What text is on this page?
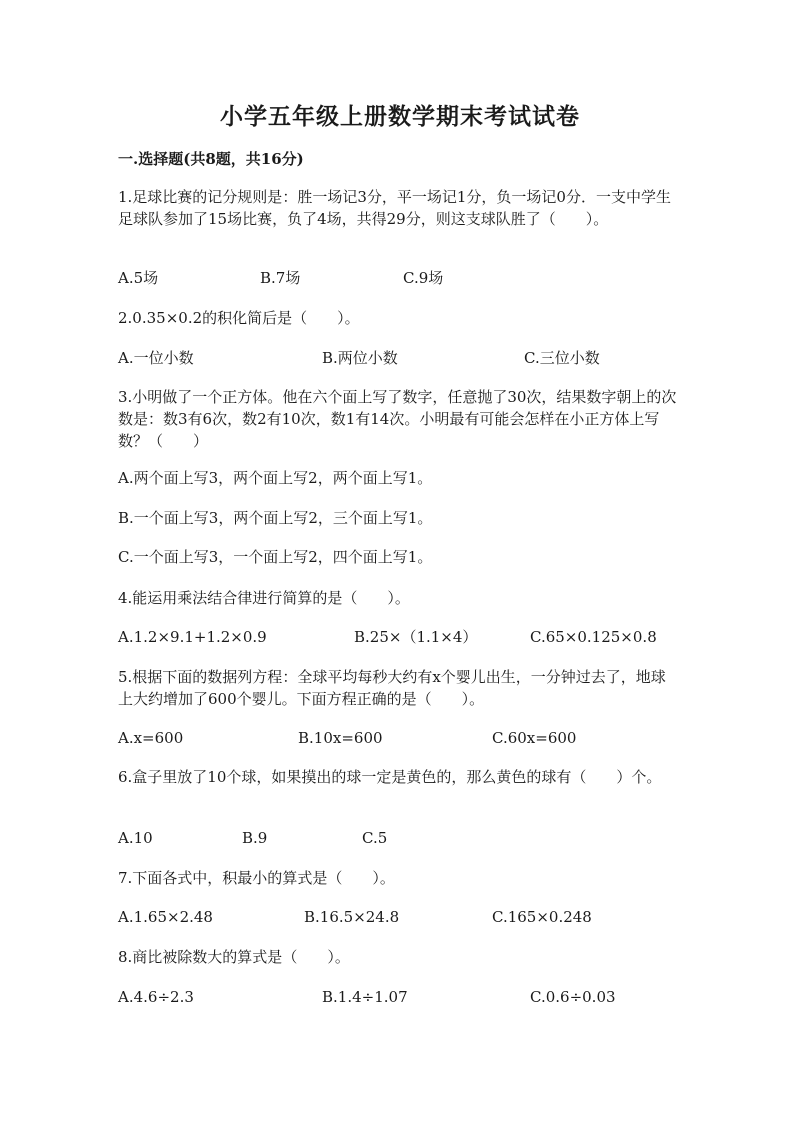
小学五年级上册数学期末考试试卷
一.选择题(共8题，共16分)
1.足球比赛的记分规则是：胜一场记3分，平一场记1分，负一场记0分．一支中学生足球队参加了15场比赛，负了4场，共得29分，则这支球队胜了（　　）。
A.5场	B.7场	C.9场
2.0.35×0.2的积化简后是（　　）。
A.一位小数	B.两位小数	C.三位小数
3.小明做了一个正方体。他在六个面上写了数字，任意抛了30次，结果数字朝上的次数是：数3有6次，数2有10次，数1有14次。小明最有可能会怎样在小正方体上写数？（　　）
A.两个面上写3，两个面上写2，两个面上写1。
B.一个面上写3，两个面上写2，三个面上写1。
C.一个面上写3，一个面上写2，四个面上写1。
4.能运用乘法结合律进行简算的是（　　）。
A.1.2×9.1+1.2×0.9	B.25×（1.1×4）	C.65×0.125×0.8
5.根据下面的数据列方程：全球平均每秒大约有x个婴儿出生，一分钟过去了，地球上大约增加了600个婴儿。下面方程正确的是（　　）。
A.x=600	B.10x=600	C.60x=600
6.盒子里放了10个球，如果摸出的球一定是黄色的，那么黄色的球有（　　）个。
A.10	B.9	C.5
7.下面各式中，积最小的算式是（　　）。
A.1.65×2.48	B.16.5×24.8	C.165×0.248
8.商比被除数大的算式是（　　）。
A.4.6÷2.3	B.1.4÷1.07	C.0.6÷0.03
